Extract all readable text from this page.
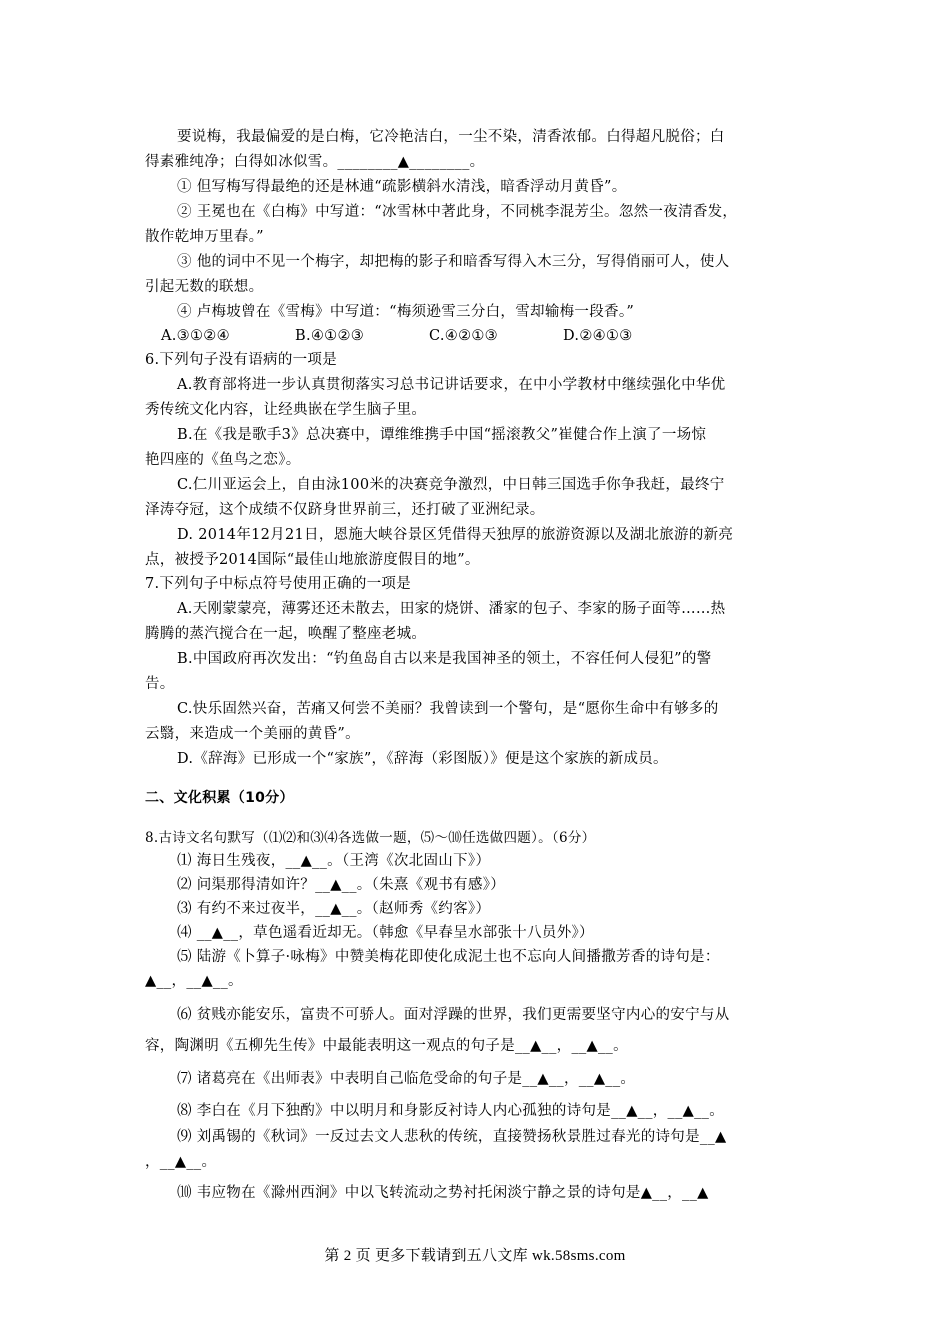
要说梅，我最偏爱的是白梅，它冷艳洁白，一尘不染，清香浓郁。白得超凡脱俗；白
得素雅纯净；白得如冰似雪。________▲________。
① 但写梅写得最绝的还是林逋“疏影横斜水清浅，暗香浮动月黄昏”。
② 王冕也在《白梅》中写道：“冰雪林中著此身，不同桃李混芳尘。忽然一夜清香发，
散作乾坤万里春。”
③ 他的词中不见一个梅字，却把梅的影子和暗香写得入木三分，写得俏丽可人，使人
引起无数的联想。
④ 卢梅坡曾在《雪梅》中写道：“梅须逊雪三分白，雪却输梅一段香。”
A.③①②④	B.④①②③	C.④②①③	D.②④①③
6.下列句子没有语病的一项是
A.教育部将进一步认真贯彻落实习总书记讲话要求，在中小学教材中继续强化中华优
秀传统文化内容，让经典嵌在学生脑子里。
B.在《我是歌手3》总决赛中，谭维维携手中国“摇滚教父”崔健合作上演了一场惊
艳四座的《鱼鸟之恋》。
C.仁川亚运会上，自由泳100米的决赛竞争激烈，中日韩三国选手你争我赶，最终宁
泽涛夺冠，这个成绩不仅跻身世界前三，还打破了亚洲纪录。
D. 2014年12月21日，恩施大峡谷景区凭借得天独厚的旅游资源以及湖北旅游的新亮
点，被授予2014国际“最佳山地旅游度假目的地”。
7.下列句子中标点符号使用正确的一项是
A.天刚蒙蒙亮，薄雾还还未散去，田家的烧饼、潘家的包子、李家的肠子面等……热
腾腾的蒸汽搅合在一起，唤醒了整座老城。
B.中国政府再次发出：“钓鱼岛自古以来是我国神圣的领土，不容任何人侵犯”的警
告。
C.快乐固然兴奋，苦痛又何尝不美丽？我曾读到一个警句，是“愿你生命中有够多的
云翳，来造成一个美丽的黄昏”。
D.《辞海》已形成一个“家族”，《辞海（彩图版）》便是这个家族的新成员。
二、文化积累（10分）
8.古诗文名句默写（⑴⑵和⑶⑷各选做一题，⑸～⑽任选做四题）。（6分）
⑴ 海日生残夜，__▲__。（王湾《次北固山下》）
⑵ 问渠那得清如许？__▲__。（朱熹《观书有感》）
⑶ 有约不来过夜半，__▲__。（赵师秀《约客》）
⑷ __▲__，草色遥看近却无。（韩愈《早春呈水部张十八员外》）
⑸ 陆游《卜算子·咏梅》中赞美梅花即使化成泥土也不忘向人间播撒芳香的诗句是：
▲__，__▲__。
⑹ 贫贱亦能安乐，富贵不可骄人。面对浮躁的世界，我们更需要坚守内心的安宁与从
容，陶渊明《五柳先生传》中最能表明这一观点的句子是__▲__，__▲__。
⑺ 诸葛亮在《出师表》中表明自己临危受命的句子是__▲__，__▲__。
⑻ 李白在《月下独酌》中以明月和身影反衬诗人内心孤独的诗句是__▲__，__▲__。
⑼ 刘禹锡的《秋词》一反过去文人悲秋的传统，直接赞扬秋景胜过春光的诗句是__▲
，__▲__。
⑽ 韦应物在《滁州西涧》中以飞转流动之势衬托闲淡宁静之景的诗句是▲__，__▲
第 2 页 更多下载请到五八文库 wk.58sms.com
